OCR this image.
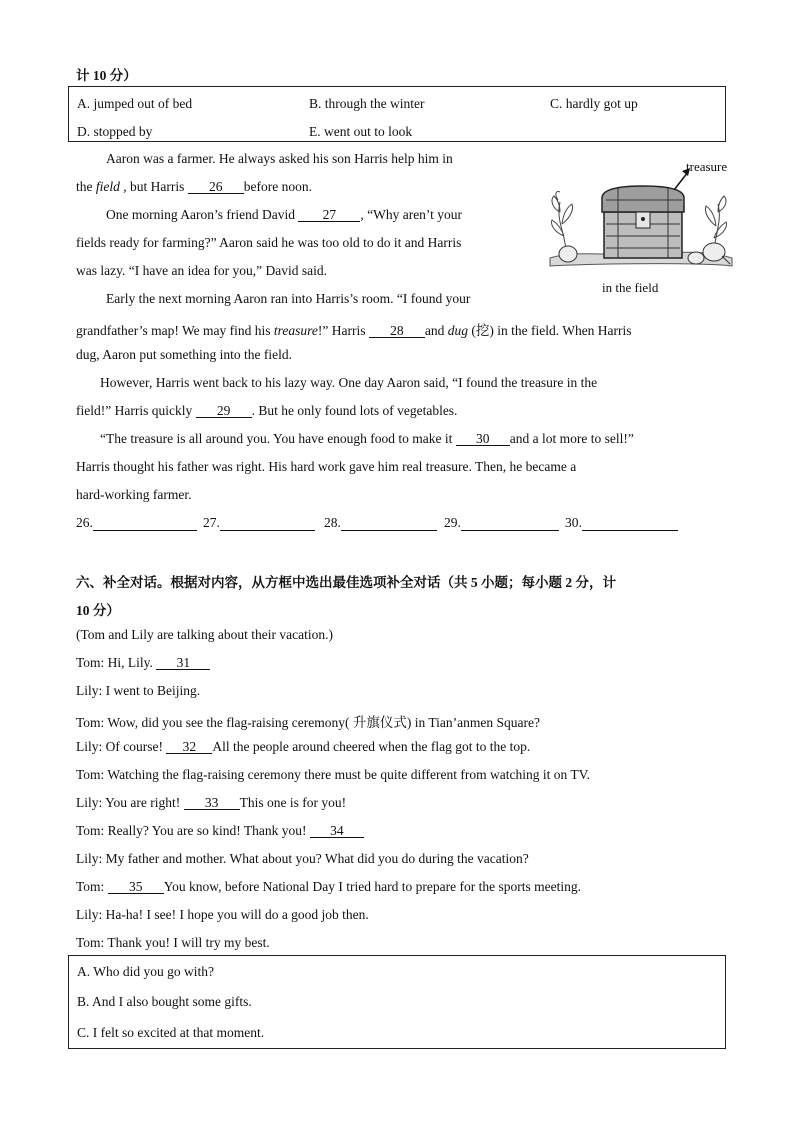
计 10 分）
A. jumped out of bed	B. through the winter	C. hardly got up
D. stopped by	E. went out to look
treasure
in the field
Aaron was a farmer. He always asked his son Harris help him in
the field , but Harris 26 before noon.
One morning Aaron’s friend David 27 , “Why aren’t your
fields ready for farming?” Aaron said he was too old to do it and Harris
was lazy. “I have an idea for you,” David said.
Early the next morning Aaron ran into Harris’s room. “I found your
grandfather’s map! We may find his treasure!” Harris 28 and dug (挖) in the field. When Harris
dug, Aaron put something into the field.
However, Harris went back to his lazy way. One day Aaron said, “I found the treasure in the
field!” Harris quickly 29 . But he only found lots of vegetables.
“The treasure is all around you. You have enough food to make it 30 and a lot more to sell!”
Harris thought his father was right. His hard work gave him real treasure. Then, he became a
hard-working farmer.
26.	27.	28.	29.	30.
六、补全对话。根据对内容，从方框中选出最佳选项补全对话（共 5 小题；每小题 2 分，计
10 分）
(Tom and Lily are talking about their vacation.)
Tom: Hi, Lily. 31
Lily: I went to Beijing.
Tom: Wow, did you see the flag-raising ceremony( 升旗仪式) in Tian’anmen Square?
Lily: Of course! 32 All the people around cheered when the flag got to the top.
Tom: Watching the flag-raising ceremony there must be quite different from watching it on TV.
Lily: You are right! 33 This one is for you!
Tom: Really? You are so kind! Thank you! 34
Lily: My father and mother. What about you? What did you do during the vacation?
Tom: 35 You know, before National Day I tried hard to prepare for the sports meeting.
Lily: Ha-ha! I see! I hope you will do a good job then.
Tom: Thank you! I will try my best.
A. Who did you go with?
B. And I also bought some gifts.
C. I felt so excited at that moment.
